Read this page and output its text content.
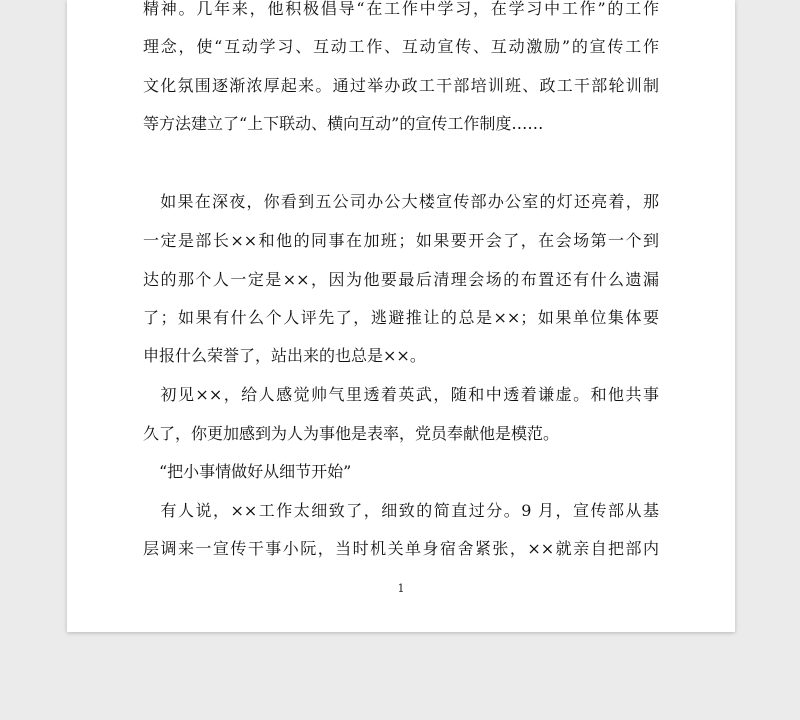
精神。几年来，他积极倡导“在工作中学习，在学习中工作”的工作
理念，使“互动学习、互动工作、互动宣传、互动激励”的宣传工作
文化氛围逐渐浓厚起来。通过举办政工干部培训班、政工干部轮训制
等方法建立了“上下联动、横向互动”的宣传工作制度……
　如果在深夜，你看到五公司办公大楼宣传部办公室的灯还亮着，那
一定是部长××和他的同事在加班；如果要开会了，在会场第一个到
达的那个人一定是××，因为他要最后清理会场的布置还有什么遗漏
了；如果有什么个人评先了，逃避推让的总是××；如果单位集体要
申报什么荣誉了，站出来的也总是××。
　初见××，给人感觉帅气里透着英武，随和中透着谦虚。和他共事
久了，你更加感到为人为事他是表率，党员奉献他是模范。
　“把小事情做好从细节开始”
　有人说，××工作太细致了，细致的简直过分。9 月，宣传部从基
层调来一宣传干事小阮，当时机关单身宿舍紧张，××就亲自把部内
1
